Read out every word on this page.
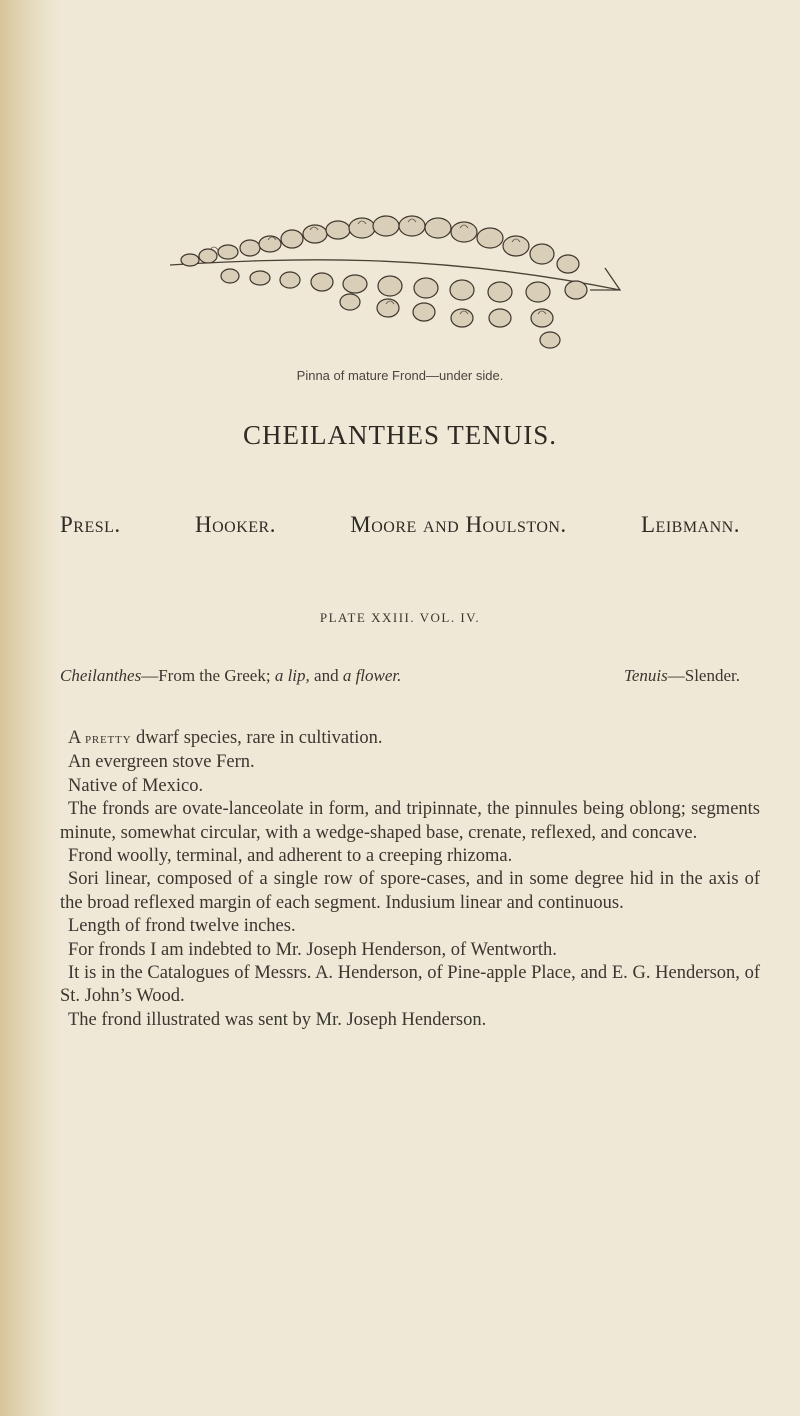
Pinna of mature Frond—under side.
CHEILANTHES TENUIS.
Presl.	Hooker.	Moore and Houlston.	Leibmann.
PLATE XXIII. VOL. IV.
Cheilanthes—From the Greek; a lip, and a flower.	Tenuis—Slender.

A pretty dwarf species, rare in cultivation.

An evergreen stove Fern.

Native of Mexico.

The fronds are ovate-lanceolate in form, and tripinnate, the pinnules being oblong; segments minute, somewhat circular, with a wedge-shaped base, crenate, reflexed, and concave.

Frond woolly, terminal, and adherent to a creeping rhizoma.

Sori linear, composed of a single row of spore-cases, and in some degree hid in the axis of the broad reflexed margin of each segment. Indusium linear and continuous.

Length of frond twelve inches.

For fronds I am indebted to Mr. Joseph Henderson, of Wentworth.

It is in the Catalogues of Messrs. A. Henderson, of Pine-apple Place, and E. G. Henderson, of St. John’s Wood.

The frond illustrated was sent by Mr. Joseph Henderson.
